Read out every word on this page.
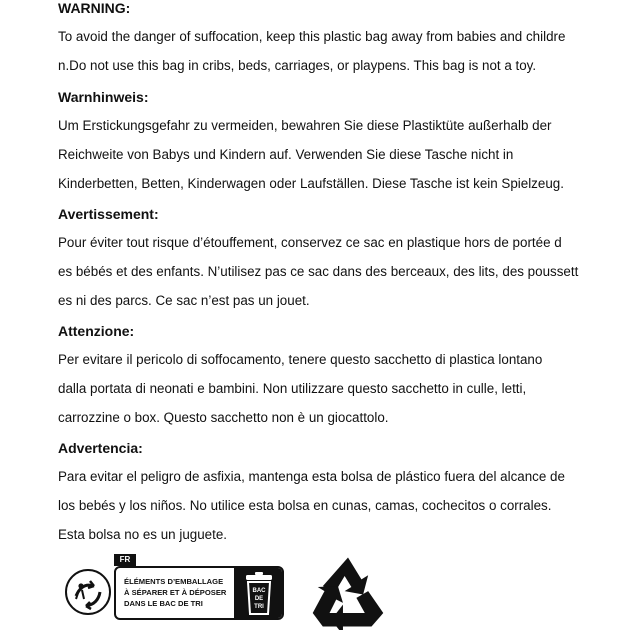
WARNING:
To avoid the danger of suffocation, keep this plastic bag away from babies and childre
n.Do not use this bag in cribs, beds, carriages, or playpens. This bag is not a toy.
Warnhinweis:
Um Erstickungsgefahr zu vermeiden, bewahren Sie diese Plastiktüte außerhalb der
Reichweite von Babys und Kindern auf. Verwenden Sie diese Tasche nicht in
Kinderbetten, Betten, Kinderwagen oder Laufställen. Diese Tasche ist kein Spielzeug.
Avertissement:
Pour éviter tout risque d’étouffement, conservez ce sac en plastique hors de portée d
es bébés et des enfants. N’utilisez pas ce sac dans des berceaux, des lits, des poussett
es ni des parcs. Ce sac n’est pas un jouet.
Attenzione:
Per evitare il pericolo di soffocamento, tenere questo sacchetto di plastica lontano
dalla portata di neonati e bambini. Non utilizzare questo sacchetto in culle, letti,
carrozzine o box. Questo sacchetto non è un giocattolo.
Advertencia:
Para evitar el peligro de asfixia, mantenga esta bolsa de plástico fuera del alcance de
los bebés y los niños. No utilice esta bolsa en cunas, camas, cochecitos o corrales.
Esta bolsa no es un juguete.
FR
ÉLÉMENTS D’EMBALLAGE
À SÉPARER ET À DÉPOSER
DANS LE BAC DE TRI
BAC
DE
TRI
